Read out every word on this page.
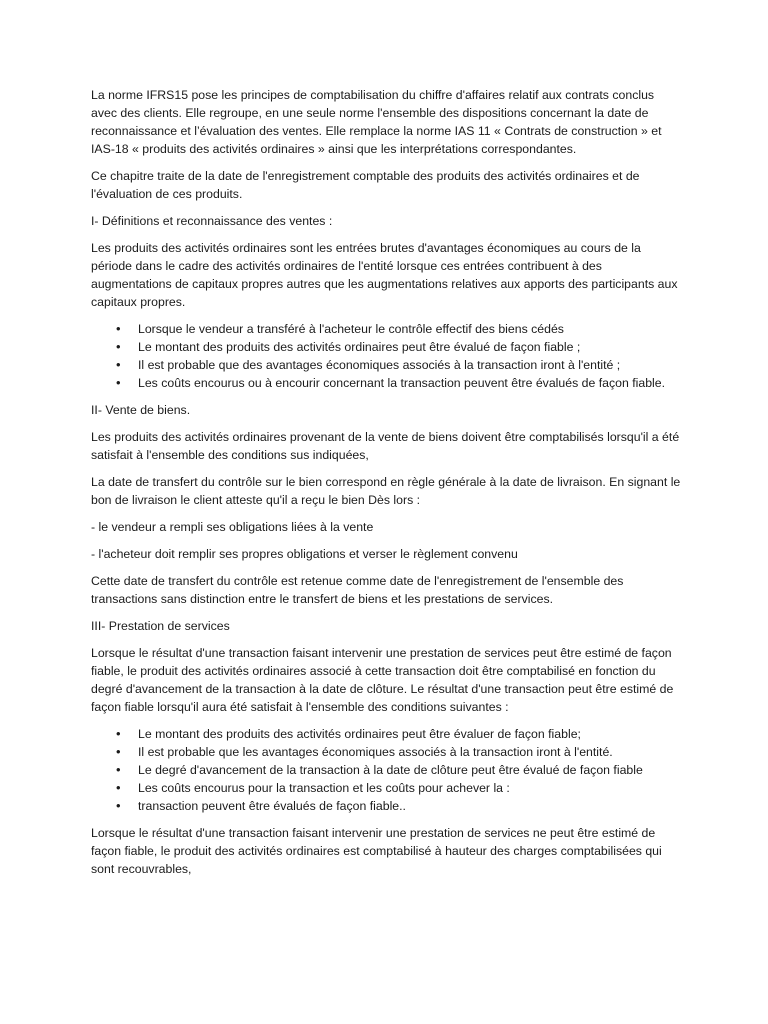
La norme IFRS15 pose les principes de comptabilisation du chiffre d'affaires relatif aux contrats conclus avec des clients. Elle regroupe, en une seule norme l'ensemble des dispositions concernant la date de reconnaissance et l’évaluation des ventes. Elle remplace la norme IAS 11 « Contrats de construction » et IAS-18 « produits des activités ordinaires » ainsi que les interprétations correspondantes.

Ce chapitre traite de la date de l'enregistrement comptable des produits des activités ordinaires et de l'évaluation de ces produits.

I- Définitions et reconnaissance des ventes :

Les produits des activités ordinaires sont les entrées brutes d'avantages économiques au cours de la période dans le cadre des activités ordinaires de l'entité lorsque ces entrées contribuent à des augmentations de capitaux propres autres que les augmentations relatives aux apports des participants aux capitaux propres.

• Lorsque le vendeur a transféré à l'acheteur le contrôle effectif des biens cédés
• Le montant des produits des activités ordinaires peut être évalué de façon fiable ;
• Il est probable que des avantages économiques associés à la transaction iront à l'entité ;
• Les coûts encourus ou à encourir concernant la transaction peuvent être évalués de façon fiable.

II- Vente de biens.

Les produits des activités ordinaires provenant de la vente de biens doivent être comptabilisés lorsqu'il a été satisfait à l'ensemble des conditions sus indiquées,

La date de transfert du contrôle sur le bien correspond en règle générale à la date de livraison. En signant le bon de livraison le client atteste qu'il a reçu le bien Dès lors :

- le vendeur a rempli ses obligations liées à la vente

- l'acheteur doit remplir ses propres obligations et verser le règlement convenu

Cette date de transfert du contrôle est retenue comme date de l'enregistrement de l'ensemble des transactions sans distinction entre le transfert de biens et les prestations de services.

III- Prestation de services

Lorsque le résultat d'une transaction faisant intervenir une prestation de services peut être estimé de façon fiable, le produit des activités ordinaires associé à cette transaction doit être comptabilisé en fonction du degré d'avancement de la transaction à la date de clôture. Le résultat d'une transaction peut être estimé de façon fiable lorsqu'il aura été satisfait à l'ensemble des conditions suivantes :

• Le montant des produits des activités ordinaires peut être évaluer de façon fiable;
• Il est probable que les avantages économiques associés à la transaction iront à l'entité.
• Le degré d'avancement de la transaction à la date de clôture peut être évalué de façon fiable
• Les coûts encourus pour la transaction et les coûts pour achever la :
• transaction peuvent être évalués de façon fiable..

Lorsque le résultat d'une transaction faisant intervenir une prestation de services ne peut être estimé de façon fiable, le produit des activités ordinaires est comptabilisé à hauteur des charges comptabilisées qui sont recouvrables,
